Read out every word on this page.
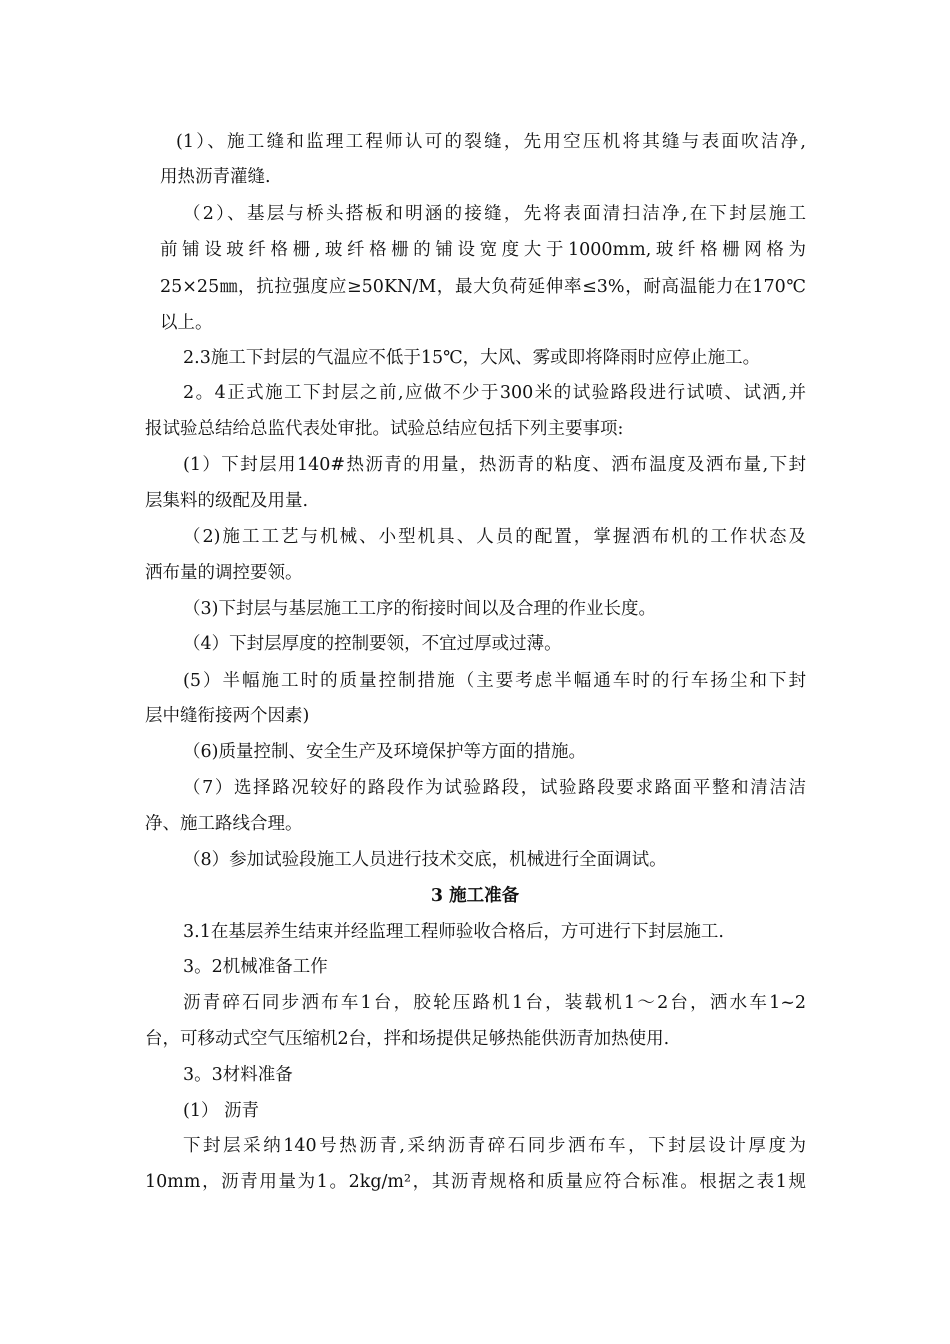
(1）、施工缝和监理工程师认可的裂缝，先用空压机将其缝与表面吹洁净,
用热沥青灌缝.
（2）、基层与桥头搭板和明涵的接缝，先将表面清扫洁净,在下封层施工
前铺设玻纤格栅,玻纤格栅的铺设宽度大于1000mm,玻纤格栅网格为
25×25㎜，抗拉强度应≥50KN/M，最大负荷延伸率≤3%，耐高温能力在170℃
以上。
2.3施工下封层的气温应不低于15℃，大风、雾或即将降雨时应停止施工。
2。4正式施工下封层之前,应做不少于300米的试验路段进行试喷、试洒,并
报试验总结给总监代表处审批。试验总结应包括下列主要事项:
(1）下封层用140#热沥青的用量，热沥青的粘度、洒布温度及洒布量,下封
层集料的级配及用量.
（2)施工工艺与机械、小型机具、人员的配置，掌握洒布机的工作状态及
洒布量的调控要领。
（3)下封层与基层施工工序的衔接时间以及合理的作业长度。
（4）下封层厚度的控制要领，不宜过厚或过薄。
(5）半幅施工时的质量控制措施（主要考虑半幅通车时的行车扬尘和下封
层中缝衔接两个因素)
（6)质量控制、安全生产及环境保护等方面的措施。
（7）选择路况较好的路段作为试验路段，试验路段要求路面平整和清洁洁
净、施工路线合理。
（8）参加试验段施工人员进行技术交底，机械进行全面调试。
3 施工准备
3.1在基层养生结束并经监理工程师验收合格后，方可进行下封层施工.
3。2机械准备工作
沥青碎石同步洒布车1台，胶轮压路机1台，装载机1～2台，洒水车1~2
台，可移动式空气压缩机2台，拌和场提供足够热能供沥青加热使用.
3。3材料准备
(1） 沥青
下封层采纳140号热沥青,采纳沥青碎石同步洒布车，下封层设计厚度为
10mm，沥青用量为1。2kg/m²，其沥青规格和质量应符合标准。根据之表1规
